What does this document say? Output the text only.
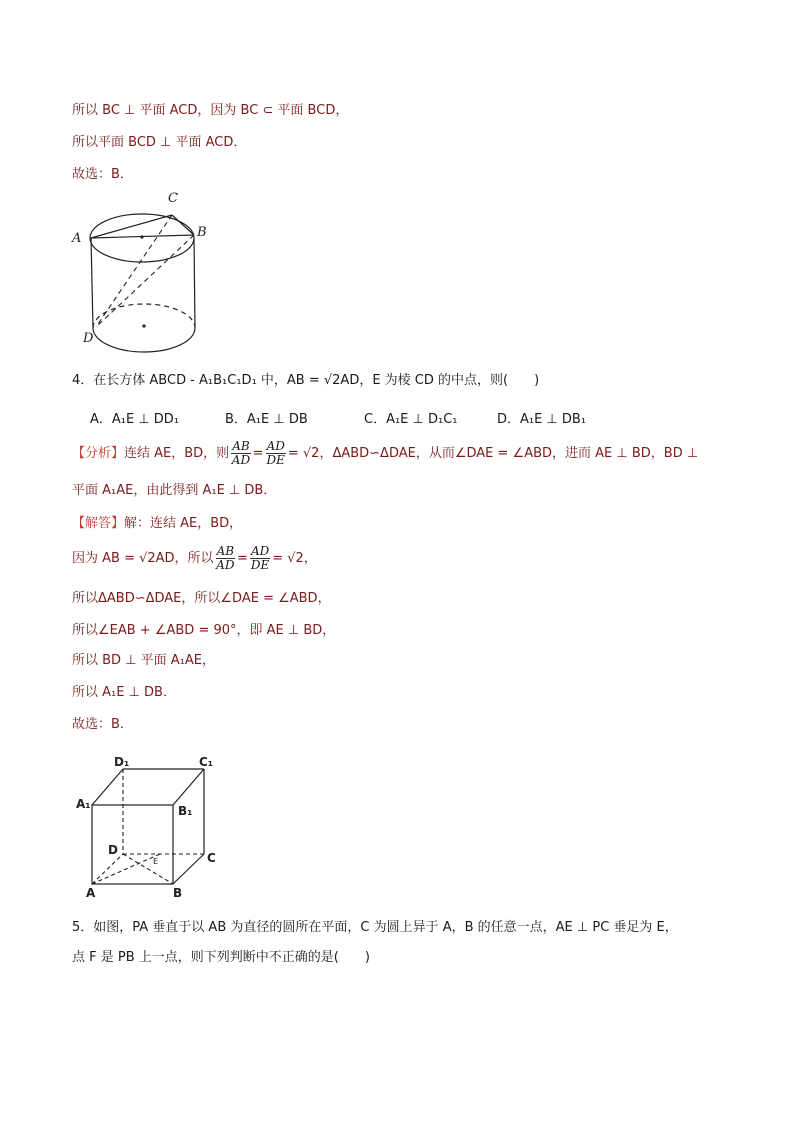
所以 BC ⊥ 平面 ACD，因为 BC ⊂ 平面 BCD，
所以平面 BCD ⊥ 平面 ACD．
故选：B．
C
A	B
D
4．在长方体 ABCD - A₁B₁C₁D₁ 中，AB = √2AD，E 为棱 CD 的中点，则(　　)
A．A₁E ⊥ DD₁	B．A₁E ⊥ DB	C．A₁E ⊥ D₁C₁	D．A₁E ⊥ DB₁
【分析】连结 AE，BD，则 $\frac{AB}{AD} = \frac{AD}{DE} = √2$，ΔABD∽ΔDAE，从而∠DAE = ∠ABD，进而 AE ⊥ BD，BD ⊥
平面 A₁AE，由此得到 A₁E ⊥ DB．
【解答】解：连结 AE，BD，
因为 AB = √2AD，所以 $\frac{AB}{AD} = \frac{AD}{DE} = √2$，
所以ΔABD∽ΔDAE，所以∠DAE = ∠ABD，
所以∠EAB + ∠ABD = 90°，即 AE ⊥ BD，
所以 BD ⊥ 平面 A₁AE，
所以 A₁E ⊥ DB．
故选：B．
D₁	C₁
A₁	B₁
D
C
A	B
E
5．如图，PA 垂直于以 AB 为直径的圆所在平面，C 为圆上异于 A，B 的任意一点，AE ⊥ PC 垂足为 E，
点 F 是 PB 上一点，则下列判断中不正确的是(　　)
